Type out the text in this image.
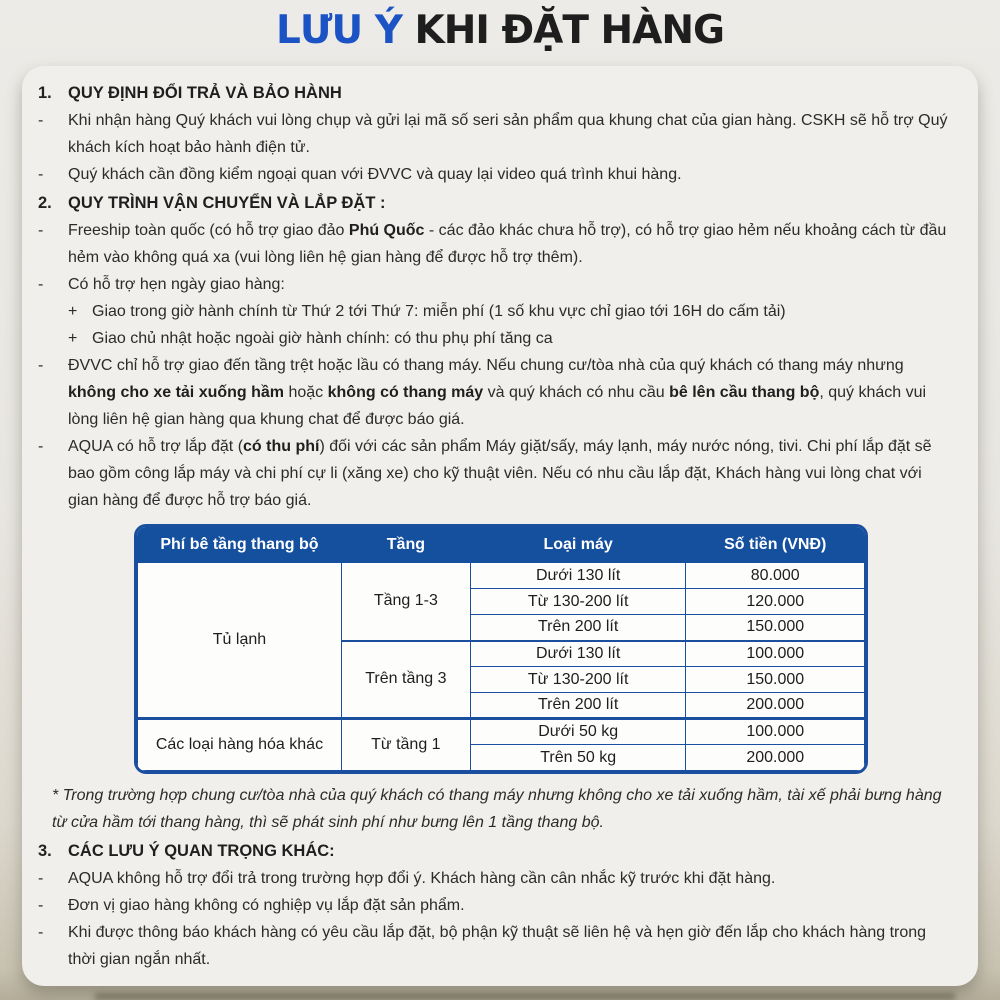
LƯU Ý KHI ĐẶT HÀNG
1. QUY ĐỊNH ĐỔI TRẢ VÀ BẢO HÀNH
-	Khi nhận hàng Quý khách vui lòng chụp và gửi lại mã số seri sản phẩm qua khung chat của gian hàng. CSKH sẽ hỗ trợ Quý khách kích hoạt bảo hành điện tử.
-	Quý khách cần đồng kiểm ngoại quan với ĐVVC và quay lại video quá trình khui hàng.
2. QUY TRÌNH VẬN CHUYỂN VÀ LẮP ĐẶT :
-	Freeship toàn quốc (có hỗ trợ giao đảo Phú Quốc - các đảo khác chưa hỗ trợ), có hỗ trợ giao hẻm nếu khoảng cách từ đầu hẻm vào không quá xa (vui lòng liên hệ gian hàng để được hỗ trợ thêm).
-	Có hỗ trợ hẹn ngày giao hàng:
+ Giao trong giờ hành chính từ Thứ 2 tới Thứ 7: miễn phí (1 số khu vực chỉ giao tới 16H do cấm tải)
+ Giao chủ nhật hoặc ngoài giờ hành chính: có thu phụ phí tăng ca
-	ĐVVC chỉ hỗ trợ giao đến tầng trệt hoặc lầu có thang máy. Nếu chung cư/tòa nhà của quý khách có thang máy nhưng không cho xe tải xuống hầm hoặc không có thang máy và quý khách có nhu cầu bê lên cầu thang bộ, quý khách vui lòng liên hệ gian hàng qua khung chat để được báo giá.
-	AQUA có hỗ trợ lắp đặt (có thu phí) đối với các sản phẩm Máy giặt/sấy, máy lạnh, máy nước nóng, tivi. Chi phí lắp đặt sẽ bao gồm công lắp máy và chi phí cự li (xăng xe) cho kỹ thuật viên. Nếu có nhu cầu lắp đặt, Khách hàng vui lòng chat với gian hàng để được hỗ trợ báo giá.
Phí bê tầng thang bộ	Tầng	Loại máy	Số tiền (VNĐ)
Tủ lạnh	Tầng 1-3	Dưới 130 lít	80.000
		Từ 130-200 lít	120.000
		Trên 200 lít	150.000
	Trên tầng 3	Dưới 130 lít	100.000
		Từ 130-200 lít	150.000
		Trên 200 lít	200.000
Các loại hàng hóa khác	Từ tầng 1	Dưới 50 kg	100.000
		Trên 50 kg	200.000

* Trong trường hợp chung cư/tòa nhà của quý khách có thang máy nhưng không cho xe tải xuống hầm, tài xế phải bưng hàng từ cửa hầm tới thang hàng, thì sẽ phát sinh phí như bưng lên 1 tầng thang bộ.

3. CÁC LƯU Ý QUAN TRỌNG KHÁC:
-	AQUA không hỗ trợ đổi trả trong trường hợp đổi ý. Khách hàng cần cân nhắc kỹ trước khi đặt hàng.
-	Đơn vị giao hàng không có nghiệp vụ lắp đặt sản phẩm.
-	Khi được thông báo khách hàng có yêu cầu lắp đặt, bộ phận kỹ thuật sẽ liên hệ và hẹn giờ đến lắp cho khách hàng trong thời gian ngắn nhất.
